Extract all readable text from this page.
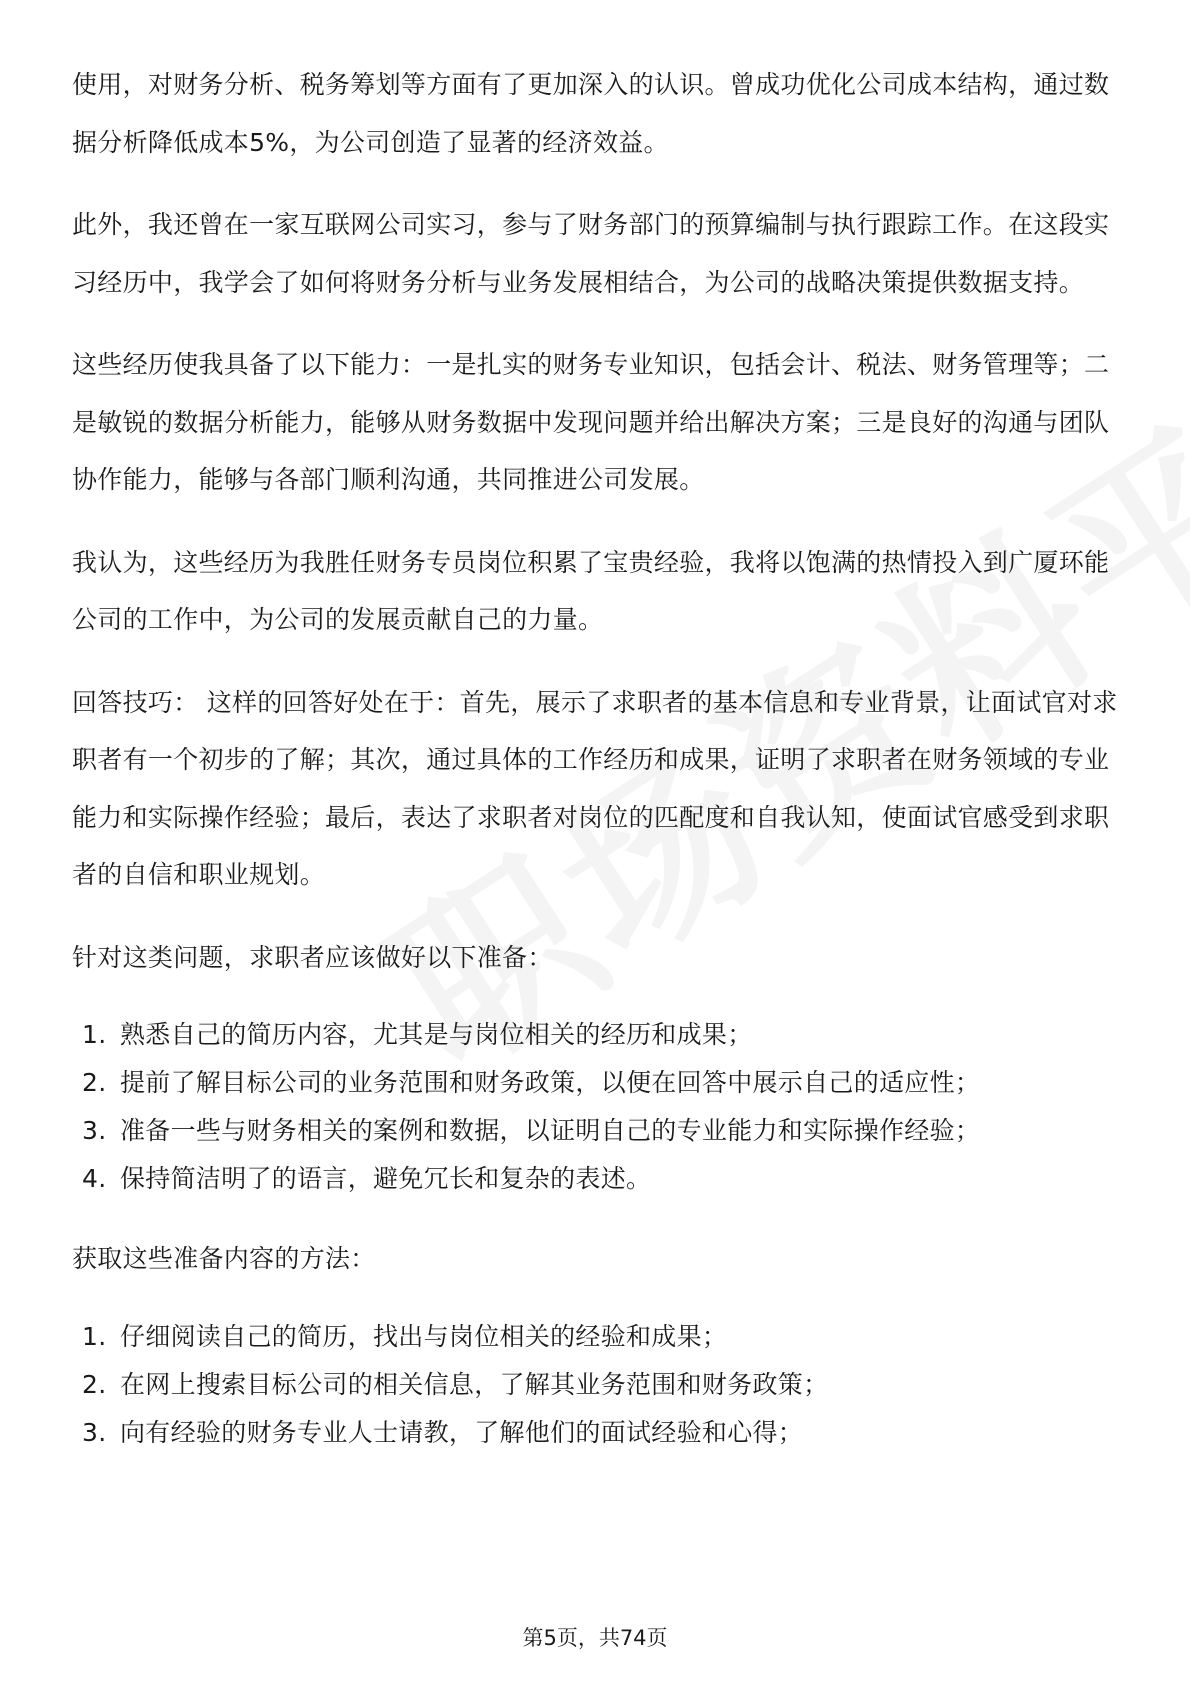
使用，对财务分析、税务筹划等方面有了更加深入的认识。曾成功优化公司成本结构，通过数据分析降低成本5%，为公司创造了显著的经济效益。

此外，我还曾在一家互联网公司实习，参与了财务部门的预算编制与执行跟踪工作。在这段实习经历中，我学会了如何将财务分析与业务发展相结合，为公司的战略决策提供数据支持。

这些经历使我具备了以下能力：一是扎实的财务专业知识，包括会计、税法、财务管理等；二是敏锐的数据分析能力，能够从财务数据中发现问题并给出解决方案；三是良好的沟通与团队协作能力，能够与各部门顺利沟通，共同推进公司发展。

我认为，这些经历为我胜任财务专员岗位积累了宝贵经验，我将以饱满的热情投入到广厦环能公司的工作中，为公司的发展贡献自己的力量。

回答技巧： 这样的回答好处在于：首先，展示了求职者的基本信息和专业背景，让面试官对求职者有一个初步的了解；其次，通过具体的工作经历和成果，证明了求职者在财务领域的专业能力和实际操作经验；最后，表达了求职者对岗位的匹配度和自我认知，使面试官感受到求职者的自信和职业规划。

针对这类问题，求职者应该做好以下准备：

1. 熟悉自己的简历内容，尤其是与岗位相关的经历和成果；
2. 提前了解目标公司的业务范围和财务政策，以便在回答中展示自己的适应性；
3. 准备一些与财务相关的案例和数据，以证明自己的专业能力和实际操作经验；
4. 保持简洁明了的语言，避免冗长和复杂的表述。

获取这些准备内容的方法：

1. 仔细阅读自己的简历，找出与岗位相关的经验和成果；
2. 在网上搜索目标公司的相关信息，了解其业务范围和财务政策；
3. 向有经验的财务专业人士请教，了解他们的面试经验和心得；
第5页，共74页
